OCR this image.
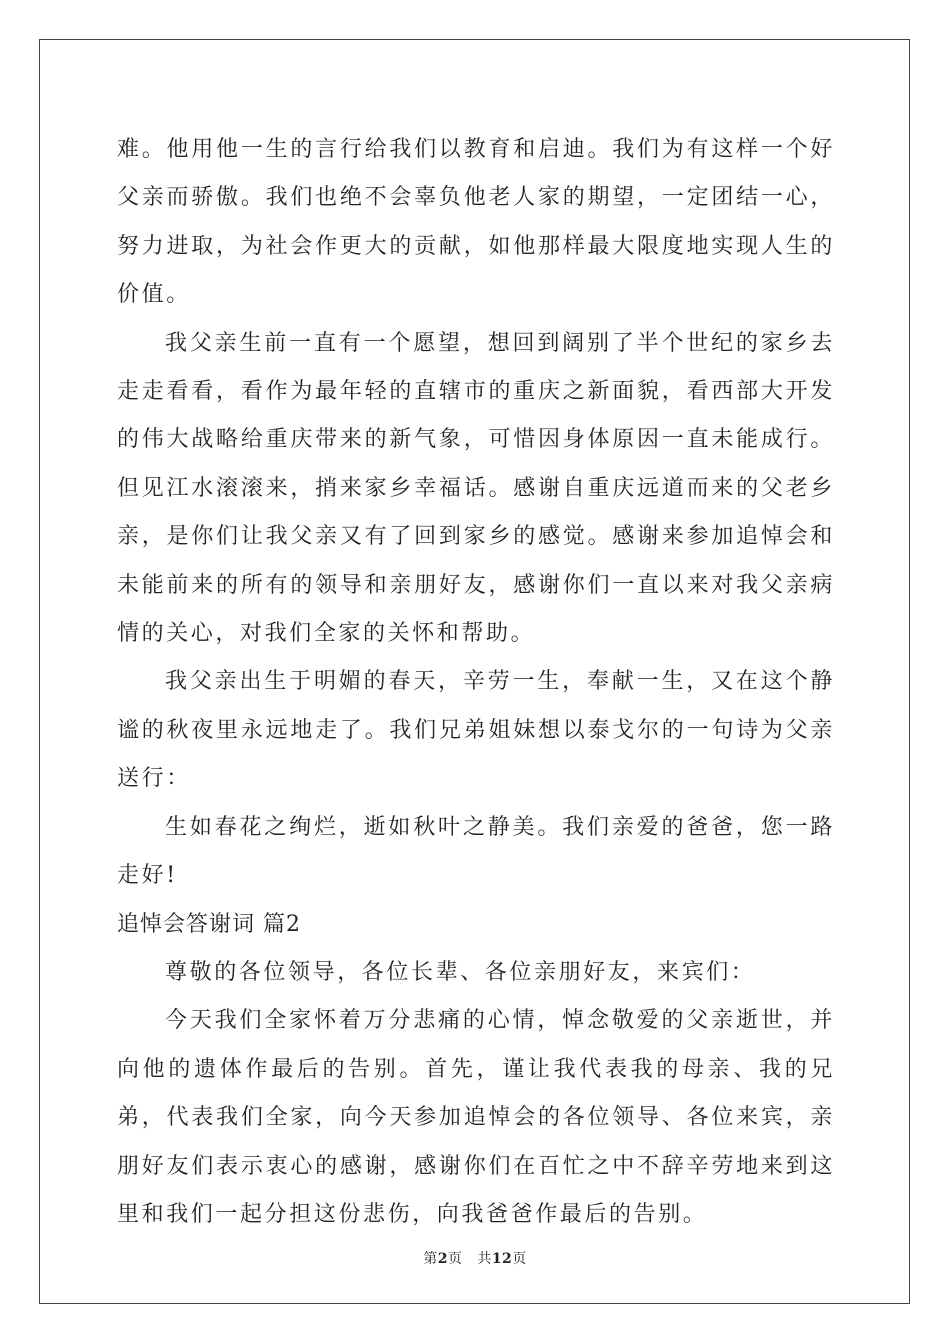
难。他用他一生的言行给我们以教育和启迪。我们为有这样一个好父亲而骄傲。我们也绝不会辜负他老人家的期望，一定团结一心，努力进取，为社会作更大的贡献，如他那样最大限度地实现人生的价值。

我父亲生前一直有一个愿望，想回到阔别了半个世纪的家乡去走走看看，看作为最年轻的直辖市的重庆之新面貌，看西部大开发的伟大战略给重庆带来的新气象，可惜因身体原因一直未能成行。但见江水滚滚来，捎来家乡幸福话。感谢自重庆远道而来的父老乡亲，是你们让我父亲又有了回到家乡的感觉。感谢来参加追悼会和未能前来的所有的领导和亲朋好友，感谢你们一直以来对我父亲病情的关心，对我们全家的关怀和帮助。

我父亲出生于明媚的春天，辛劳一生，奉献一生，又在这个静谧的秋夜里永远地走了。我们兄弟姐妹想以泰戈尔的一句诗为父亲送行：

生如春花之绚烂，逝如秋叶之静美。我们亲爱的爸爸，您一路走好!

追悼会答谢词 篇2

尊敬的各位领导，各位长辈、各位亲朋好友，来宾们：

今天我们全家怀着万分悲痛的心情，悼念敬爱的父亲逝世，并向他的遗体作最后的告别。首先，谨让我代表我的母亲、我的兄弟，代表我们全家，向今天参加追悼会的各位领导、各位来宾，亲朋好友们表示衷心的感谢，感谢你们在百忙之中不辞辛劳地来到这里和我们一起分担这份悲伤，向我爸爸作最后的告别。

第2页 共12页
